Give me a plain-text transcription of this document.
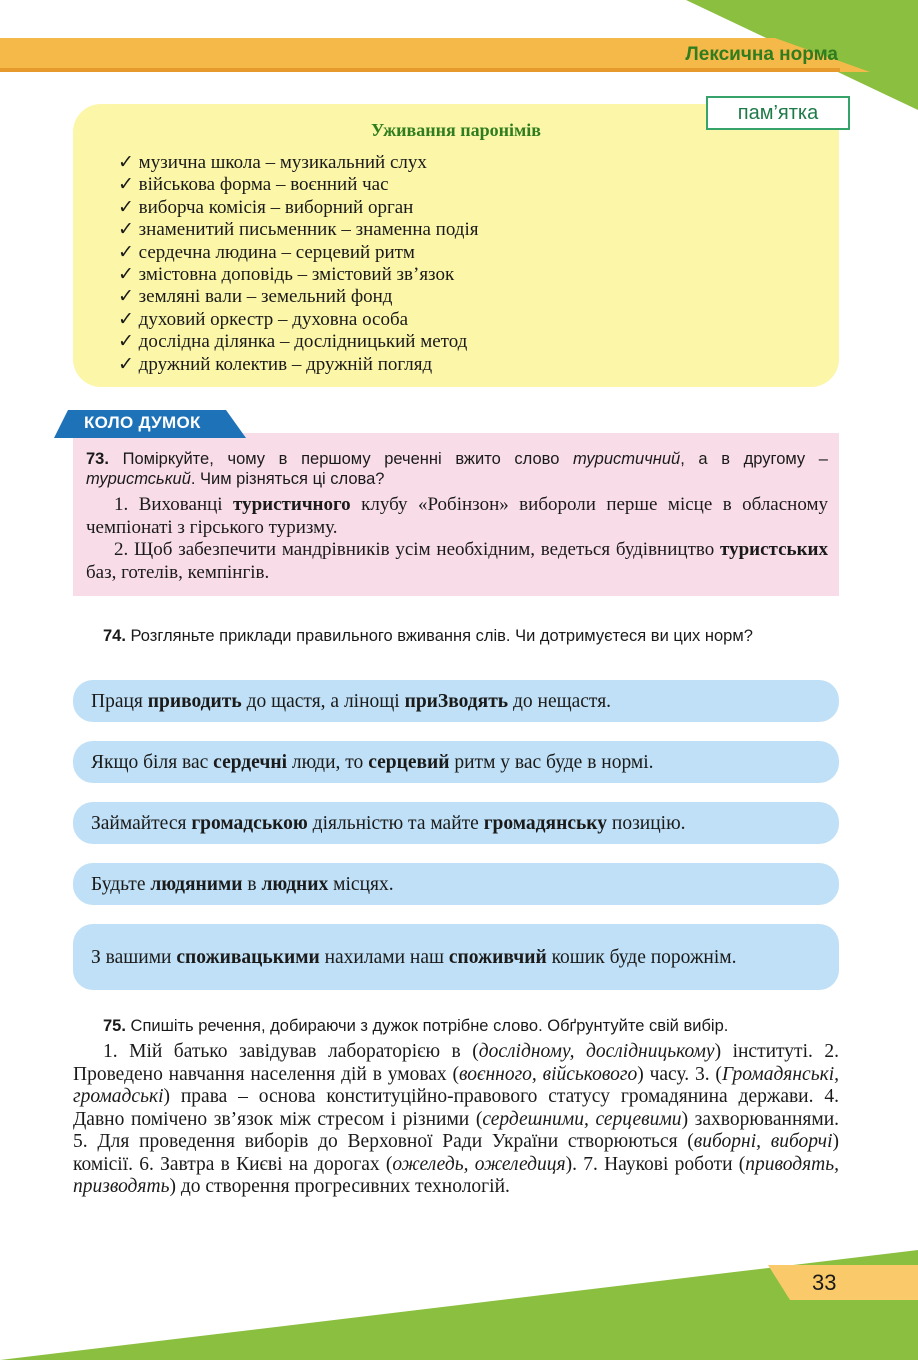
Лексична норма
пам’ятка
Уживання паронімів
✓ музична школа – музикальний слух
✓ військова форма – воєнний час
✓ виборча комісія – виборний орган
✓ знаменитий письменник – знаменна подія
✓ сердечна людина – серцевий ритм
✓ змістовна доповідь – змістовий зв’язок
✓ земляні вали – земельний фонд
✓ духовий оркестр – духовна особа
✓ дослідна ділянка – дослідницький метод
✓ дружний колектив – дружній погляд
КОЛО ДУМОК
73. Поміркуйте, чому в першому реченні вжито слово туристичний, а в другому – туристський. Чим різняться ці слова?
1. Вихованці туристичного клубу «Робінзон» вибороли перше місце в обласному чемпіонаті з гірського туризму.
2. Щоб забезпечити мандрівників усім необхідним, ведеться будівництво туристських баз, готелів, кемпінгів.
74. Розгляньте приклади правильного вживання слів. Чи дотримуєтеся ви цих норм?
Праця приводить до щастя, а лінощі приЗводять до нещастя.
Якщо біля вас сердечні люди, то серцевий ритм у вас буде в нормі.
Займайтеся громадською діяльністю та майте громадянську позицію.
Будьте людяними в людних місцях.
З вашими споживацькими нахилами наш споживчий кошик буде порожнім.
75. Спишіть речення, добираючи з дужок потрібне слово. Обґрунтуйте свій вибір.
1. Мій батько завідував лабораторією в (дослідному, дослідницькому) інституті. 2. Проведено навчання населення дій в умовах (воєнного, військового) часу. 3. (Громадянські, громадські) права – основа конституційно-правового статусу громадянина держави. 4. Давно помічено зв’язок між стресом і різними (сердешними, серцевими) захворюваннями. 5. Для проведення виборів до Верховної Ради України створюються (виборні, виборчі) комісії. 6. Завтра в Києві на дорогах (ожеледь, ожеледиця). 7. Наукові роботи (приводять, призводять) до створення прогресивних технологій.
33
